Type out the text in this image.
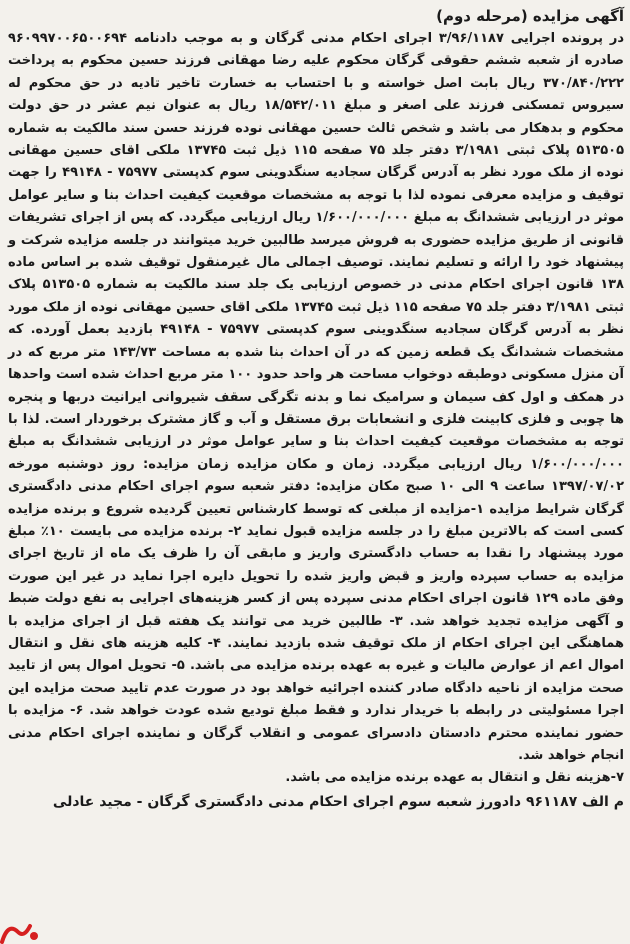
آگهی مزایده (مرحله دوم)

در پرونده اجرایی ۳/۹۶/۱۱۸۷ اجرای احکام مدنی گرگان و به موجب دادنامه ۹۶۰۹۹۷۰۰۶۵۰۰۶۹۴ صادره از شعبه ششم حقوقی گرگان محکوم علیه رضا مهقانی فرزند حسین محکوم به پرداخت ۳۷۰/۸۴۰/۲۲۲ ریال بابت اصل خواسته و با احتساب به خسارت تاخیر تادیه در حق محکوم له سیروس تمسکنی فرزند علی اصغر و مبلغ ۱۸/۵۴۲/۰۱۱ ریال به عنوان نیم عشر در حق دولت محکوم و بدهکار می باشد و شخص ثالث حسین مهقانی نوده فرزند حسن سند مالکیت به شماره ۵۱۳۵۰۵ پلاک ثبتی ۳/۱۹۸۱ دفتر جلد ۷۵ صفحه ۱۱۵ ذیل ثبت ۱۳۷۴۵ ملکی اقای حسین مهقانی نوده از ملک مورد نظر به آدرس گرگان سجادیه سنگدوینی سوم کدپستی ۷۵۹۷۷ - ۴۹۱۴۸ را جهت توقیف و مزایده معرفی نموده لذا با توجه به مشخصات موقعیت کیفیت احداث بنا و سایر عوامل موثر در ارزیابی ششدانگ به مبلغ ۱/۶۰۰/۰۰۰/۰۰۰ ریال ارزیابی میگردد. که پس از اجرای تشریفات قانونی از طریق مزایده حضوری به فروش میرسد طالبین خرید میتوانند در جلسه مزایده شرکت و پیشنهاد خود را ارائه و تسلیم نمایند. توصیف اجمالی مال غیرمنقول توقیف شده بر اساس ماده ۱۳۸ قانون اجرای احکام مدنی در خصوص ارزیابی یک جلد سند مالکیت به شماره ۵۱۳۵۰۵ پلاک ثبتی ۳/۱۹۸۱ دفتر جلد ۷۵ صفحه ۱۱۵ ذیل ثبت ۱۳۷۴۵ ملکی اقای حسین مهقانی نوده از ملک مورد نظر به آدرس گرگان سجادیه سنگدوینی سوم کدپستی ۷۵۹۷۷ - ۴۹۱۴۸ بازدید بعمل آورده. که مشخصات ششدانگ یک قطعه زمین که در آن احداث بنا شده به مساحت ۱۴۳/۷۳ متر مربع که در آن منزل مسکونی دوطبقه دوخواب مساحت هر واحد حدود ۱۰۰ متر مربع احداث شده است واحدها در همکف و اول کف سیمان و سرامیک نما و بدنه تگرگی سقف شیروانی ایرانیت دربها و پنجره ها چوبی و فلزی کابینت فلزی و انشعابات برق مستقل و آب و گاز مشترک برخوردار است. لذا با توجه به مشخصات موقعیت کیفیت احداث بنا و سایر عوامل موثر در ارزیابی ششدانگ به مبلغ ۱/۶۰۰/۰۰۰/۰۰۰ ریال ارزیابی میگردد. زمان و مکان مزایده زمان مزایده: روز دوشنبه مورخه ۱۳۹۷/۰۷/۰۲ ساعت ۹ الی ۱۰ صبح مکان مزایده: دفتر شعبه سوم اجرای احکام مدنی دادگستری گرگان شرایط مزایده ۱-مزایده از مبلغی که توسط کارشناس تعیین گردیده شروع و برنده مزایده کسی است که بالاترین مبلغ را در جلسه مزایده قبول نماید ۲- برنده مزایده می بایست ۱۰٪ مبلغ مورد پیشنهاد را نقدا به حساب دادگستری واریز و مابقی آن را ظرف یک ماه از تاریخ اجرای مزایده به حساب سپرده واریز و قبض واریز شده را تحویل دایره اجرا نماید در غیر این صورت وفق ماده ۱۲۹ قانون اجرای احکام مدنی سپرده پس از کسر هزینه‌های اجرایی به نفع دولت ضبط و آگهی مزایده تجدید خواهد شد. ۳- طالبین خرید می توانند یک هفته قبل از اجرای مزایده با هماهنگی این اجرای احکام از ملک توقیف شده بازدید نمایند. ۴- کلیه هزینه های نقل و انتقال اموال اعم از عوارض مالیات و غیره به عهده برنده مزایده می باشد. ۵- تحویل اموال پس از تایید صحت مزایده از ناحیه دادگاه صادر کننده اجرائیه خواهد بود در صورت عدم تایید صحت مزایده این اجرا مسئولیتی در رابطه با خریدار ندارد و فقط مبلغ تودیع شده عودت خواهد شد. ۶- مزایده با حضور نماینده محترم دادستان دادسرای عمومی و انقلاب گرگان و نماینده اجرای احکام مدنی انجام خواهد شد.

۷-هزینه نقل و انتقال به عهده برنده مزایده می باشد.

م الف ۹۶۱۱۸۷ دادورز شعبه سوم اجرای احکام مدنی دادگستری گرگان - مجید عادلی
